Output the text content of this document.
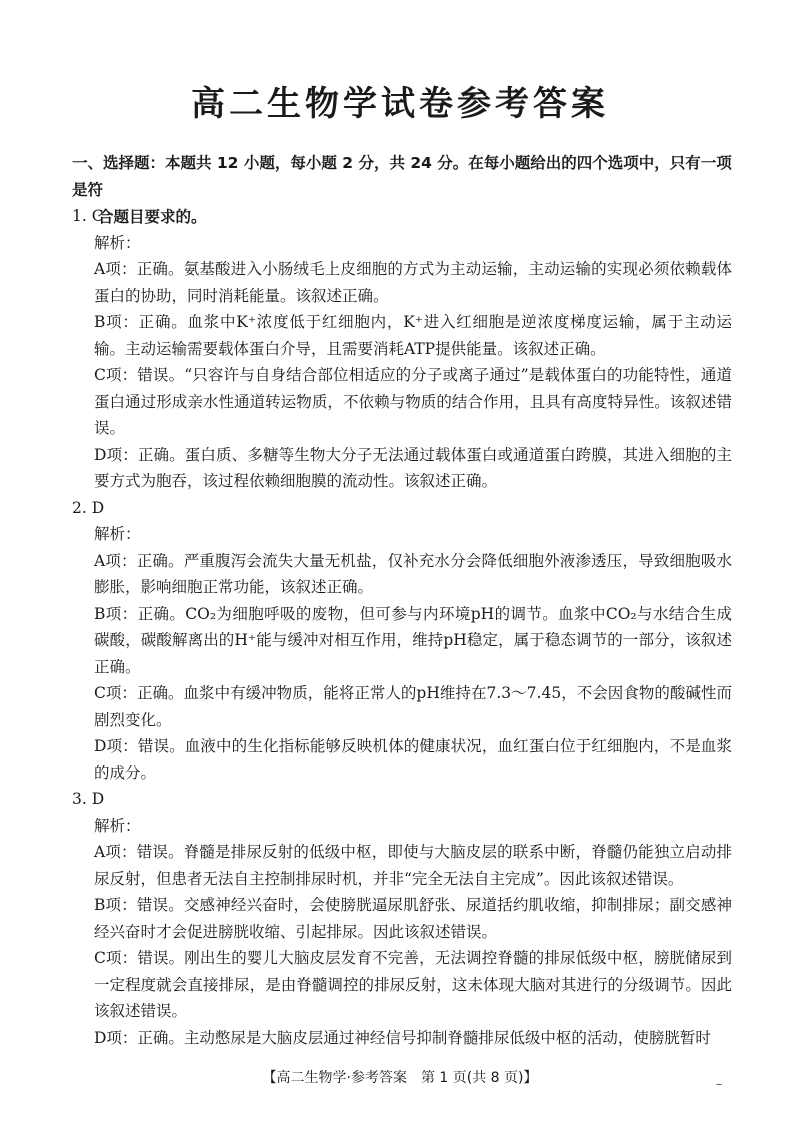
高二生物学试卷参考答案
一、选择题：本题共 12 小题，每小题 2 分，共 24 分。在每小题给出的四个选项中，只有一项是符
合题目要求的。
1. C
解析：
A项：正确。氨基酸进入小肠绒毛上皮细胞的方式为主动运输，主动运输的实现必须依赖载体蛋白的协助，同时消耗能量。该叙述正确。
B项：正确。血浆中K⁺浓度低于红细胞内，K⁺进入红细胞是逆浓度梯度运输，属于主动运输。主动运输需要载体蛋白介导，且需要消耗ATP提供能量。该叙述正确。
C项：错误。“只容许与自身结合部位相适应的分子或离子通过”是载体蛋白的功能特性，通道蛋白通过形成亲水性通道转运物质，不依赖与物质的结合作用，且具有高度特异性。该叙述错误。
D项：正确。蛋白质、多糖等生物大分子无法通过载体蛋白或通道蛋白跨膜，其进入细胞的主要方式为胞吞，该过程依赖细胞膜的流动性。该叙述正确。
2. D
解析：
A项：正确。严重腹泻会流失大量无机盐，仅补充水分会降低细胞外液渗透压，导致细胞吸水膨胀，影响细胞正常功能，该叙述正确。
B项：正确。CO₂为细胞呼吸的废物，但可参与内环境pH的调节。血浆中CO₂与水结合生成碳酸，碳酸解离出的H⁺能与缓冲对相互作用，维持pH稳定，属于稳态调节的一部分，该叙述正确。
C项：正确。血浆中有缓冲物质，能将正常人的pH维持在7.3～7.45，不会因食物的酸碱性而剧烈变化。
D项：错误。血液中的生化指标能够反映机体的健康状况，血红蛋白位于红细胞内，不是血浆的成分。
3. D
解析：
A项：错误。脊髓是排尿反射的低级中枢，即使与大脑皮层的联系中断，脊髓仍能独立启动排尿反射，但患者无法自主控制排尿时机，并非“完全无法自主完成”。因此该叙述错误。
B项：错误。交感神经兴奋时，会使膀胱逼尿肌舒张、尿道括约肌收缩，抑制排尿；副交感神经兴奋时才会促进膀胱收缩、引起排尿。因此该叙述错误。
C项：错误。刚出生的婴儿大脑皮层发育不完善，无法调控脊髓的排尿低级中枢，膀胱储尿到一定程度就会直接排尿，是由脊髓调控的排尿反射，这未体现大脑对其进行的分级调节。因此该叙述错误。
D项：正确。主动憋尿是大脑皮层通过神经信号抑制脊髓排尿低级中枢的活动，使膀胱暂时
【高二生物学·参考答案　第 1 页(共 8 页)】	–
